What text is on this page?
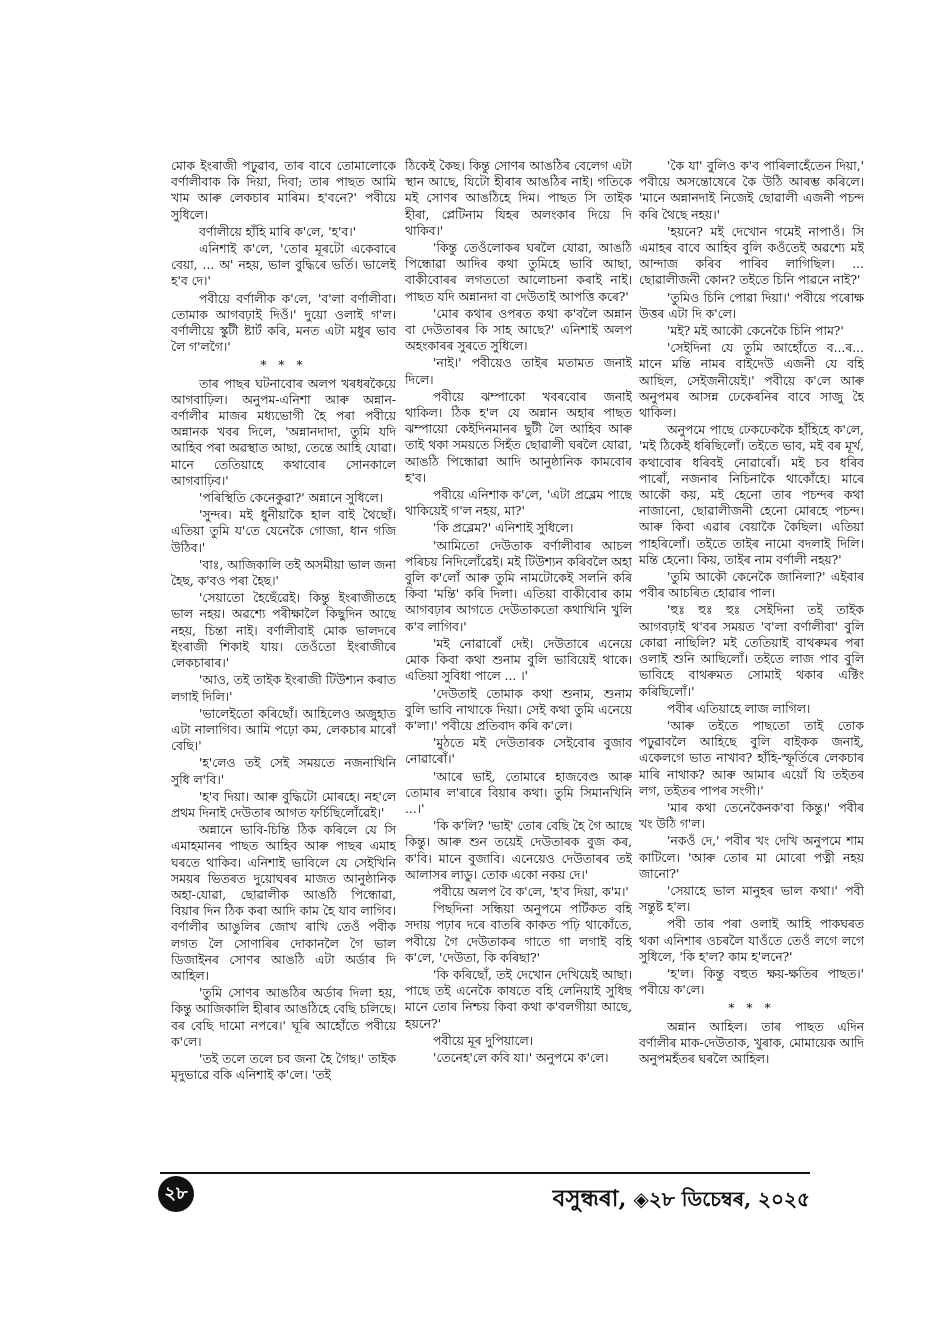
মোক ইংৰাজী পঢ়ুৱাব, তাৰ বাবে তোমালোকে বৰ্ণালীবাক কি দিয়া, দিবা; তাৰ পাছত আমি খাম আৰু লেকচাৰ মাৰিম। হ'বনে?' পবীয়ে সুধিলে।

বৰ্ণালীয়ে হাঁহি মাৰি ক'লে, 'হ'ব।'

এনিশাই ক'লে, 'তোৰ মূৰটো একেবাৰে বেয়া, ... অ' নহয়, ভাল বুদ্ধিৰে ভৰ্তি। ভালেই হ'ব দে।'

পবীয়ে বৰ্ণালীক ক'লে, 'ব'লা বৰ্ণালীবা। তোমাক আগবঢ়াই দিওঁ।' দুয়ো ওলাই গ'ল। বৰ্ণালীয়ে স্কুটী ষ্টাৰ্ট কৰি, মনত এটা মধুৰ ভাব লৈ গ'লগৈ।'

* * *

তাৰ পাছৰ ঘটনাবোৰ অলপ খৰধৰকৈয়ে আগবাঢ়িল। অনুপম-এনিশা আৰু অন্নান-বৰ্ণালীৰ মাজৰ মধ্যভোগী হৈ পৰা পবীয়ে অন্নানক খবৰ দিলে, 'অন্নানদাদা, তুমি যদি আহিব পৰা অৱস্থাত আছা, তেন্তে আহি যোৱা। মানে তেতিয়াহে কথাবোৰ সোনকালে আগবাঢ়িব।'

'পৰিস্থিতি কেনেকুৱা?' অন্নানে সুধিলে।

'সুন্দৰ। মই ধুনীয়াকৈ হাল বাই থৈছোঁ। এতিয়া তুমি য'তে যেনেকৈ গোজা, ধান গজি উঠিব।'

'বাঃ, আজিকালি তই অসমীয়া ভাল জনা হৈছ, ক'বও পৰা হৈছ।'

'সেয়াতো হৈছেঁৱেই। কিন্তু ইংৰাজীতহে ভাল নহয়। অৱশ্যে পৰীক্ষালৈ কিছুদিন আছে নহয়, চিন্তা নাই। বৰ্ণালীবাই মোক ভালদৰে ইংৰাজী শিকাই যায়। তেওঁতো ইংৰাজীৰে লেকচাৰাৰ।'

'আও, তই তাইক ইংৰাজী টিউশ্যন কৰাত লগাই দিলি।'

'ভালেইতো কৰিছোঁ। আহিলেও অজুহাত এটা নালাগিব। আমি পঢ়ো কম, লেকচাৰ মাৰোঁ বেছি।'

'হ'লেও তই সেই সময়তে নজনাখিনি সুধি ল'বি।'

'হ'ব দিয়া। আৰু বুদ্ধিটো মোৰহে। নহ'লে প্ৰথম দিনাই দেউতাৰ আগত ফৰ্চিছিলোঁৱেই।'

অন্নানে ভাবি-চিন্তি ঠিক কৰিলে যে সি এমাহমানৰ পাছত আহিব আৰু পাছৰ এমাহ ঘৰতে থাকিব। এনিশাই ভাবিলে যে সেইখিনি সময়ৰ ভিতৰত দুয়োঘৰৰ মাজত আনুষ্ঠানিক অহা-যোৱা, ছোৱালীক আঙঠি পিন্ধোৱা, বিয়াৰ দিন ঠিক কৰা আদি কাম হৈ যাব লাগিব। বৰ্ণালীৰ আঙুলিৰ জোখ ৰাখি তেওঁ পবীক লগত লৈ সোণাৰিৰ দোকানলৈ গৈ ভাল ডিজাইনৰ সোণৰ আঙঠি এটা অৰ্ডাৰ দি আহিল।

'তুমি সোণৰ আঙঠিৰ অৰ্ডাৰ দিলা হয়, কিন্তু আজিকালি হীৰাৰ আঙঠিহে বেছি চলিছে। বৰ বেছি দামো নপৰে।' ঘূৰি আহোঁতে পবীয়ে ক'লে।

'তই তলে তলে চব জনা হৈ গৈছ।' তাইক মৃদুভাৱে বকি এনিশাই ক'লে। 'তই

ঠিকেই কৈছ। কিন্তু সোণৰ আঙঠিৰ বেলেগ এটা স্থান আছে, যিটো হীৰাৰ আঙঠিৰ নাই। গতিকে মই সোণৰ আঙঠিহে দিম। পাছত সি তাইক হীৰা, প্লেটিনাম যিহৰ অলংকাৰ দিয়ে দি থাকিব।'

'কিন্তু তেওঁলোকৰ ঘৰলৈ যোৱা, আঙঠি পিন্ধোৱা আদিৰ কথা তুমিহে ভাবি আছা, বাকীবোৰৰ লগততো আলোচনা কৰাই নাই। পাছত যদি অন্নানদা বা দেউতাই আপত্তি কৰে?'

'মোৰ কথাৰ ওপৰত কথা ক'বলৈ অন্নান বা দেউতাৰৰ কি সাহ আছে?' এনিশাই অলপ অহংকাৰৰ সুৰতে সুধিলে।

'নাই।' পবীয়েও তাইৰ মতামত জনাই দিলে।

পবীয়ে ঝম্পাকো খবৰবোৰ জনাই থাকিল। ঠিক হ'ল যে অন্নান অহাৰ পাছত ঝম্পায়ো কেইদিনমানৰ ছুটী লৈ আহিব আৰু তাই থকা সময়তে সিহঁত ছোৱালী ঘৰলৈ যোৱা, আঙঠি পিন্ধোৱা আদি আনুষ্ঠানিক কামবোৰ হ'ব।

পবীয়ে এনিশাক ক'লে, 'এটা প্ৰব্লেম পাছে থাকিয়েই গ'ল নহয়, মা?'

'কি প্ৰব্লেম?' এনিশাই সুধিলে।

'আমিতো দেউতাক বৰ্ণালীবাৰ আচল পৰিচয় নিদিলোঁৱেই। মই টিউশ্যন কৰিবলৈ অহা বুলি ক'লোঁ আৰু তুমি নামটোকেই সলনি কৰি কিবা 'মন্তি' কৰি দিলা। এতিয়া বাকীবোৰ কাম আগবঢ়াৰ আগতে দেউতাকতো কথাখিনি খুলি ক'ব লাগিব।'

'মই নোৱাৰোঁ দেই। দেউতাৰে এনেয়ে মোক কিবা কথা শুনাম বুলি ভাবিয়েই থাকে। এতিয়া সুবিধা পালে ... ।'

'দেউতাই তোমাক কথা শুনাম, শুনাম বুলি ভাবি নাথাকে দিয়া। সেই কথা তুমি এনেয়ে ক'লা।' পবীয়ে প্ৰতিবাদ কৰি ক'লে।

'মুঠতে মই দেউতাৰক সেইবোৰ বুজাব নোৱাৰোঁ।'

'আৰে ভাই, তোমাৰে হাজবেণ্ড আৰু তোমাৰ ল'ৰাৰে বিয়াৰ কথা। তুমি সিমানখিনি ...।'

'কি ক'লি? 'ভাই' তোৰ বেছি হৈ গৈ আছে কিন্তু। আৰু শুন তয়েই দেউতাৰক বুজ কৰ, ক'বি। মানে বুজাবি। এনেয়েও দেউতাৰৰ তই আলাসৰ লাডু। তোক একো নকয় দে।'

পবীয়ে অলপ বৈ ক'লে, 'হ'ব দিয়া, ক'ম।'

পিছদিনা সন্ধিয়া অনুপমে পৰ্টিকত বহি সদায় পঢ়াৰ দৰে বাতৰি কাকত পঢ়ি থাকোঁতে, পবীয়ে গৈ দেউতাকৰ গাতে গা লগাই বহি ক'লে, 'দেউতা, কি কৰিছা?'

'কি কৰিছোঁ, তই দেখোন দেখিয়েই আছা। পাছে তই এনেকৈ কাষতে বহি লেনিয়াই সুধিছ মানে তোৰ নিশ্চয় কিবা কথা ক'বলগীয়া আছে, হয়নে?'

পবীয়ে মূৰ দুপিয়ালে।

'তেনেহ'লে কবি যা।' অনুপমে ক'লে।

'কৈ যা' বুলিও ক'ব পাৰিলাহেঁতেন দিয়া,' পবীয়ে অসন্তোষেৰে কৈ উঠি আৰম্ভ কৰিলে। 'মানে অন্নানদাই নিজেই ছোৱালী এজনী পচন্দ কৰি থৈছে নহয়।'

'হয়নে? মই দেখোন গমেই নাপাওঁ। সি এমাহৰ বাবে আহিব বুলি কওঁতেই অৱশ্যে মই আন্দাজ কৰিব পাৰিব লাগিছিল। ... ছোৱালীজনী কোন? তইতে চিনি পাৱনে নাই?'

'তুমিও চিনি পোৱা দিয়া।' পবীয়ে পৰোক্ষ উত্তৰ এটা দি ক'লে।

'মই? মই আকৌ কেনেকৈ চিনি পাম?'

'সেইদিনা যে তুমি আহোঁতে ব...ৰ... মানে মন্তি নামৰ বাইদেউ এজনী যে বহি আছিল, সেইজনীয়েই।' পবীয়ে ক'লে আৰু অনুপমৰ আসন্ন ঢেকেৰনিৰ বাবে সাজু হৈ থাকিল।

অনুপমে পাছে ঢেকঢেককৈ হাঁহিহে ক'লে, 'মই ঠিকেই ধৰিছিলোঁ। তইতে ভাব, মই বৰ মূৰ্খ, কথাবোৰ ধৰিবই নোৱাৰোঁ। মই চব ধৰিব পাৰোঁ, নজনাৰ নিচিনাকৈ থাকোঁহে। মাৰে আকৌ কয়, মই হেনো তাৰ পচন্দৰ কথা নাজানো, ছোৱালীজনী হেনো মোৰহে পচন্দ। আৰু কিবা এৱাৰ বেয়াকৈ কৈছিল। এতিয়া পাহৰিলোঁ। তইতে তাইৰ নামো বদলাই দিলি। মন্তি হেনো। কিয়, তাইৰ নাম বৰ্ণালী নহয়?'

'তুমি আকৌ কেনেকৈ জানিলা?' এইবাৰ পবীৰ আচৰিত হোৱাৰ পাল।

'হুঃ হুঃ হুঃ সেইদিনা তই তাইক আগবঢ়াই থ'বৰ সময়ত 'ব'লা বৰ্ণালীবা' বুলি কোৱা নাছিলি? মই তেতিয়াই বাথৰুমৰ পৰা ওলাই শুনি আছিলোঁ। তইতে লাজ পাব বুলি ভাবিহে বাথৰুমত সোমাই থকাৰ এক্টিং কৰিছিলোঁ।'

পবীৰ এতিয়াহে লাজ লাগিল।

'আৰু তইতে পাছতো তাই তোক পঢ়ুৱাবলৈ আহিছে বুলি বাইকক জনাই, একেলগে ভাত নাখাব? হাঁহি-স্ফূৰ্তিৰে লেকচাৰ মাৰি নাথাক? আৰু আমাৰ এয়োঁ যি তইতৰ লগ, তইতৰ পাপৰ সংগী।'

'মাৰ কথা তেনেকৈনক'বা কিন্তু।' পবীৰ খং উঠি গ'ল।

'নকওঁ দে,' পবীৰ খং দেখি অনুপমে শাম কাটিলে। 'আৰু তোৰ মা মোৰো পত্নী নহয় জানো?'

'সেয়াহে ভাল মানুহৰ ভাল কথা।' পবী সন্তুষ্ট হ'ল।

পবী তাৰ পৰা ওলাই আহি পাকঘৰত থকা এনিশাৰ ওচৰলৈ যাওঁতে তেওঁ লগে লগে সুধিলে, 'কি হ'ল? কাম হ'লনে?'

'হ'ল। কিন্তু বহুত ক্ষয়-ক্ষতিৰ পাছত।' পবীয়ে ক'লে।

* * *

অন্নান আহিল। তাৰ পাছত এদিন বৰ্ণালীৰ মাক-দেউতাক, খুৰাক, মোমায়েক আদি অনুপমহঁতৰ ঘৰলৈ আহিল।

২৮	বসুন্ধৰা, ◈২৮ ডিচেম্বৰ, ২০২৫
